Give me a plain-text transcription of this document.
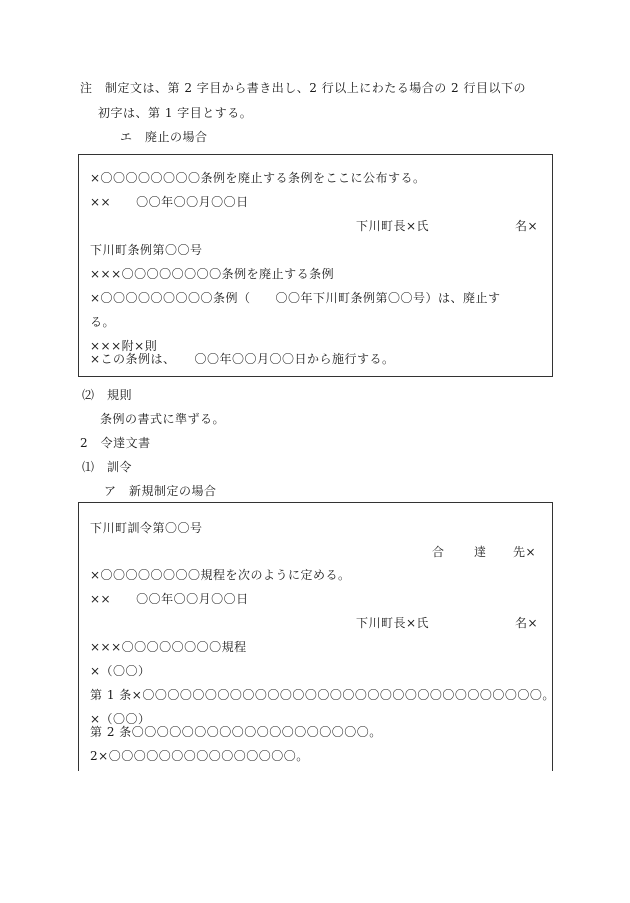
注　制定文は、第 2 字目から書き出し、2 行以上にわたる場合の 2 行目以下の
初字は、第 1 字目とする。
エ　廃止の場合
×〇〇〇〇〇〇〇〇条例を廃止する条例をここに公布する。
××　　〇〇年〇〇月〇〇日
下川町長×氏	名×
下川町条例第〇〇号
×××〇〇〇〇〇〇〇〇条例を廃止する条例
×〇〇〇〇〇〇〇〇〇条例（　　〇〇年下川町条例第〇〇号）は、廃止す
る。
×××附×則
×この条例は、　　〇〇年〇〇月〇〇日から施行する。
⑵　規則
条例の書式に準ずる。
2　令達文書
⑴　訓令
ア　新規制定の場合
下川町訓令第〇〇号
合 達 先×
×〇〇〇〇〇〇〇〇規程を次のように定める。
××　　〇〇年〇〇月〇〇日
下川町長×氏	名×
×××〇〇〇〇〇〇〇〇規程
×（〇〇）
第 1 条×〇〇〇〇〇〇〇〇〇〇〇〇〇〇〇〇〇〇〇〇〇〇〇〇〇〇〇〇〇〇〇〇。
×（〇〇）
第 2 条〇〇〇〇〇〇〇〇〇〇〇〇〇〇〇〇〇〇〇。
2×〇〇〇〇〇〇〇〇〇〇〇〇〇〇〇。
